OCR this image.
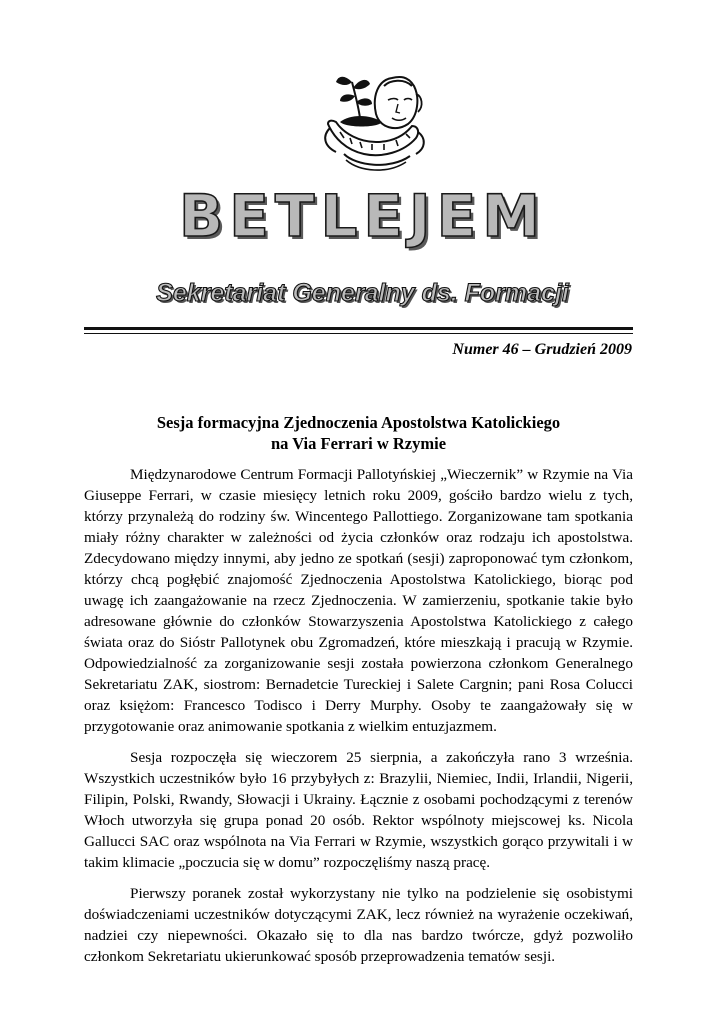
BETLEJEM
Sekretariat Generalny ds. Formacji
Numer 46 – Grudzień 2009
Sesja formacyjna Zjednoczenia Apostolstwa Katolickiego
na Via Ferrari w Rzymie

Międzynarodowe Centrum Formacji Pallotyńskiej „Wieczernik” w Rzymie na Via Giuseppe Ferrari, w czasie miesięcy letnich roku 2009, gościło bardzo wielu z tych, którzy przynależą do rodziny św. Wincentego Pallottiego. Zorganizowane tam spotkania miały różny charakter w zależności od życia członków oraz rodzaju ich apostolstwa. Zdecydowano między innymi, aby jedno ze spotkań (sesji) zaproponować tym członkom, którzy chcą pogłębić znajomość Zjednoczenia Apostolstwa Katolickiego, biorąc pod uwagę ich zaangażowanie na rzecz Zjednoczenia. W zamierzeniu, spotkanie takie było adresowane głównie do członków Stowarzyszenia Apostolstwa Katolickiego z całego świata oraz do Sióstr Pallotynek obu Zgromadzeń, które mieszkają i pracują w Rzymie. Odpowiedzialność za zorganizowanie sesji została powierzona członkom Generalnego Sekretariatu ZAK, siostrom: Bernadetcie Tureckiej i Salete Cargnin; pani Rosa Colucci oraz księżom: Francesco Todisco i Derry Murphy. Osoby te zaangażowały się w przygotowanie oraz animowanie spotkania z wielkim entuzjazmem.

Sesja rozpoczęła się wieczorem 25 sierpnia, a zakończyła rano 3 września. Wszystkich uczestników było 16 przybyłych z: Brazylii, Niemiec, Indii, Irlandii, Nigerii, Filipin, Polski, Rwandy, Słowacji i Ukrainy. Łącznie z osobami pochodzącymi z terenów Włoch utworzyła się grupa ponad 20 osób. Rektor wspólnoty miejscowej ks. Nicola Gallucci SAC oraz wspólnota na Via Ferrari w Rzymie, wszystkich gorąco przywitali i w takim klimacie „poczucia się w domu” rozpoczęliśmy naszą pracę.

Pierwszy poranek został wykorzystany nie tylko na podzielenie się osobistymi doświadczeniami uczestników dotyczącymi ZAK, lecz również na wyrażenie oczekiwań, nadziei czy niepewności. Okazało się to dla nas bardzo twórcze, gdyż pozwoliło członkom Sekretariatu ukierunkować sposób przeprowadzenia tematów sesji.
